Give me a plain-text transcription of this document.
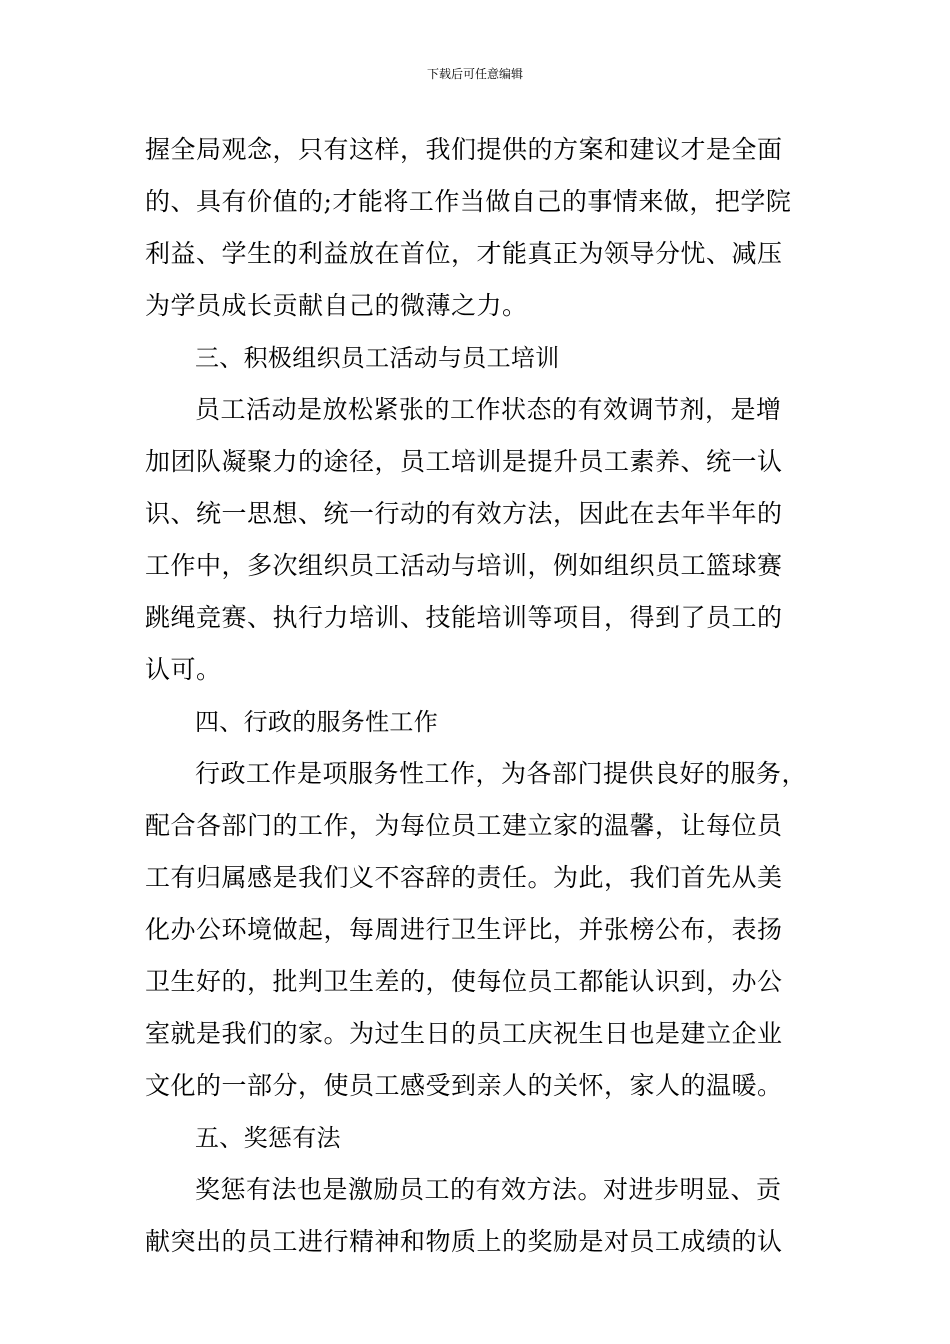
下载后可任意编辑
握全局观念，只有这样，我们提供的方案和建议才是全面
的、具有价值的;才能将工作当做自己的事情来做，把学院
利益、学生的利益放在首位，才能真正为领导分忧、减压
为学员成长贡献自己的微薄之力。
三、积极组织员工活动与员工培训
员工活动是放松紧张的工作状态的有效调节剂，是增
加团队凝聚力的途径，员工培训是提升员工素养、统一认
识、统一思想、统一行动的有效方法，因此在去年半年的
工作中，多次组织员工活动与培训，例如组织员工篮球赛
跳绳竞赛、执行力培训、技能培训等项目，得到了员工的
认可。
四、行政的服务性工作
行政工作是项服务性工作，为各部门提供良好的服务，
配合各部门的工作，为每位员工建立家的温馨，让每位员
工有归属感是我们义不容辞的责任。为此，我们首先从美
化办公环境做起，每周进行卫生评比，并张榜公布，表扬
卫生好的，批判卫生差的，使每位员工都能认识到，办公
室就是我们的家。为过生日的员工庆祝生日也是建立企业
文化的一部分，使员工感受到亲人的关怀，家人的温暖。
五、奖惩有法
奖惩有法也是激励员工的有效方法。对进步明显、贡
献突出的员工进行精神和物质上的奖励是对员工成绩的认
